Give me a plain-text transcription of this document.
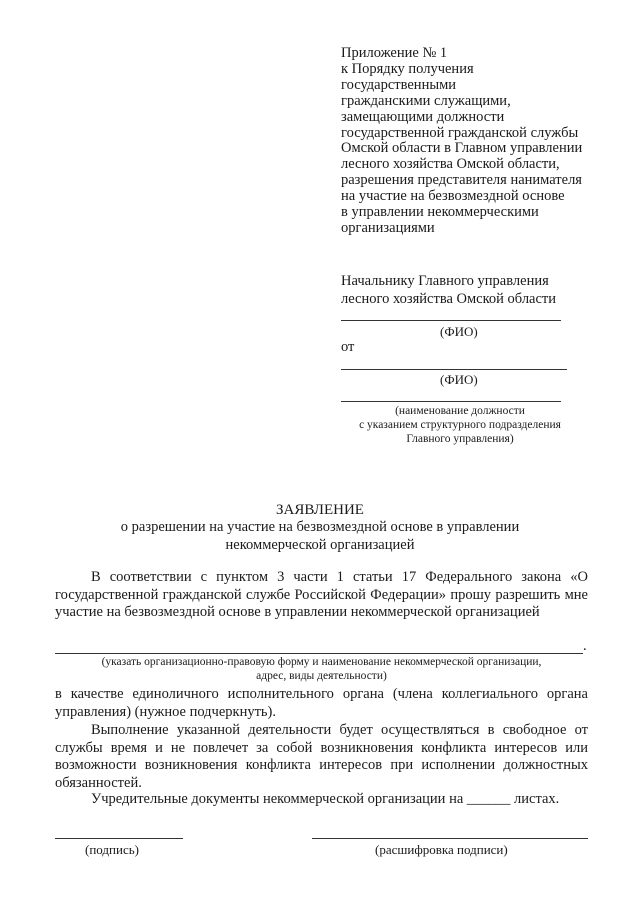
Приложение № 1
к Порядку получения
государственными
гражданскими служащими,
замещающими должности
государственной гражданской службы
Омской области в Главном управлении
лесного хозяйства Омской области,
разрешения представителя нанимателя
на участие на безвозмездной основе
в управлении некоммерческими
организациями
Начальнику Главного управления
лесного хозяйства Омской области
(ФИО)
от
(ФИО)
(наименование должности
с указанием структурного подразделения
Главного управления)
ЗАЯВЛЕНИЕ
о разрешении на участие на безвозмездной основе в управлении
некоммерческой организацией
В соответствии с пунктом 3 части 1 статьи 17 Федерального закона «О государственной гражданской службе Российской Федерации» прошу разрешить мне участие на безвозмездной основе в управлении некоммерческой организацией
.
(указать организационно-правовую форму и наименование некоммерческой организации,
адрес, виды деятельности)
в качестве единоличного исполнительного органа (члена коллегиального органа управления) (нужное подчеркнуть).
Выполнение указанной деятельности будет осуществляться в свободное от службы время и не повлечет за собой возникновения конфликта интересов или возможности возникновения конфликта интересов при исполнении должностных обязанностей.
Учредительные документы некоммерческой организации на ______ листах.
(подпись)	(расшифровка подписи)
